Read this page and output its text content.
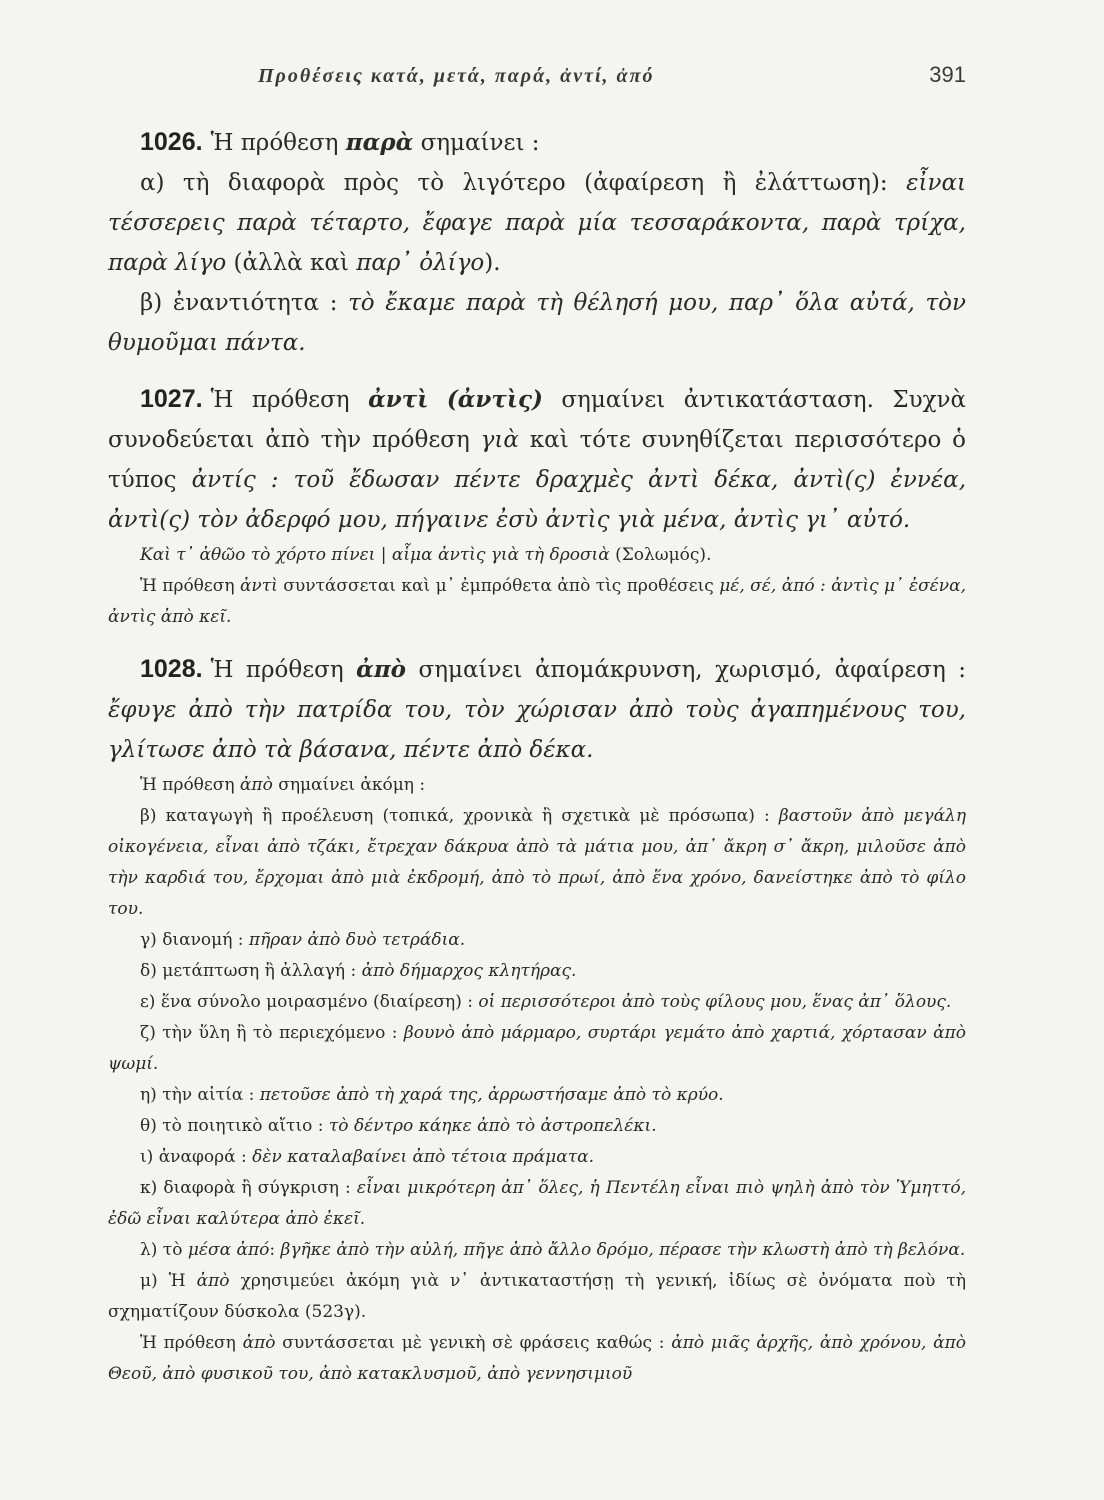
Προθέσεις κατά, μετά, παρά, ἀντί, ἀπό	391

1026. Ἡ πρόθεση παρὰ σημαίνει :

α) τὴ διαφορὰ πρὸς τὸ λιγότερο (ἀφαίρεση ἢ ἐλάττωση): εἶναι τέσσερεις παρὰ τέταρτο, ἔφαγε παρὰ μία τεσσαράκοντα, παρὰ τρίχα, παρὰ λίγο (ἀλλὰ καὶ παρ᾽ ὀλίγο).

β) ἐναντιότητα : τὸ ἔκαμε παρὰ τὴ θέλησή μου, παρ᾽ ὅλα αὐτά, τὸν θυμοῦμαι πάντα.

1027. Ἡ πρόθεση ἀντὶ (ἀντὶς) σημαίνει ἀντικατάσταση. Συχνὰ συνοδεύεται ἀπὸ τὴν πρόθεση γιὰ καὶ τότε συνηθίζεται περισσότερο ὁ τύπος ἀντίς : τοῦ ἔδωσαν πέντε δραχμὲς ἀντὶ δέκα, ἀντὶ(ς) ἐννέα, ἀντὶ(ς) τὸν ἀδερφό μου, πήγαινε ἐσὺ ἀντὶς γιὰ μένα, ἀντὶς γι᾽ αὐτό.

Καὶ τ᾽ ἀθῶο τὸ χόρτο πίνει | αἷμα ἀντὶς γιὰ τὴ δροσιὰ (Σολωμός).

Ἡ πρόθεση ἀντὶ συντάσσεται καὶ μ᾽ ἐμπρόθετα ἀπὸ τὶς προθέσεις μέ, σέ, ἀπό : ἀντὶς μ᾽ ἐσένα, ἀντὶς ἀπὸ κεῖ.

1028. Ἡ πρόθεση ἀπὸ σημαίνει ἀπομάκρυνση, χωρισμό, ἀφαίρεση : ἔφυγε ἀπὸ τὴν πατρίδα του, τὸν χώρισαν ἀπὸ τοὺς ἀγαπημένους του, γλίτωσε ἀπὸ τὰ βάσανα, πέντε ἀπὸ δέκα.

Ἡ πρόθεση ἀπὸ σημαίνει ἀκόμη :

β) καταγωγὴ ἢ προέλευση (τοπικά, χρονικὰ ἢ σχετικὰ μὲ πρόσωπα) : βαστοῦν ἀπὸ μεγάλη οἰκογένεια, εἶναι ἀπὸ τζάκι, ἔτρεχαν δάκρυα ἀπὸ τὰ μάτια μου, ἀπ᾽ ἄκρη σ᾽ ἄκρη, μιλοῦσε ἀπὸ τὴν καρδιά του, ἔρχομαι ἀπὸ μιὰ ἐκδρομή, ἀπὸ τὸ πρωί, ἀπὸ ἕνα χρόνο, δανείστηκε ἀπὸ τὸ φίλο του.

γ) διανομή : πῆραν ἀπὸ δυὸ τετράδια.

δ) μετάπτωση ἢ ἀλλαγή : ἀπὸ δήμαρχος κλητήρας.

ε) ἕνα σύνολο μοιρασμένο (διαίρεση) : οἱ περισσότεροι ἀπὸ τοὺς φίλους μου, ἕνας ἀπ᾽ ὅλους.

ζ) τὴν ὕλη ἢ τὸ περιεχόμενο : βουνὸ ἀπὸ μάρμαρο, συρτάρι γεμάτο ἀπὸ χαρτιά, χόρτασαν ἀπὸ ψωμί.

η) τὴν αἰτία : πετοῦσε ἀπὸ τὴ χαρά της, ἀρρωστήσαμε ἀπὸ τὸ κρύο.

θ) τὸ ποιητικὸ αἴτιο : τὸ δέντρο κάηκε ἀπὸ τὸ ἀστροπελέκι.

ι) ἀναφορά : δὲν καταλαβαίνει ἀπὸ τέτοια πράματα.

κ) διαφορὰ ἢ σύγκριση : εἶναι μικρότερη ἀπ᾽ ὅλες, ἡ Πεντέλη εἶναι πιὸ ψηλὴ ἀπὸ τὸν Ὑμηττό, ἐδῶ εἶναι καλύτερα ἀπὸ ἐκεῖ.

λ) τὸ μέσα ἀπό: βγῆκε ἀπὸ τὴν αὐλή, πῆγε ἀπὸ ἄλλο δρόμο, πέρασε τὴν κλωστὴ ἀπὸ τὴ βελόνα.

μ) Ἡ ἀπὸ χρησιμεύει ἀκόμη γιὰ ν᾽ ἀντικαταστήσῃ τὴ γενική, ἰδίως σὲ ὀνόματα ποὺ τὴ σχηματίζουν δύσκολα (523γ).

Ἡ πρόθεση ἀπὸ συντάσσεται μὲ γενικὴ σὲ φράσεις καθώς : ἀπὸ μιᾶς ἀρχῆς, ἀπὸ χρόνου, ἀπὸ Θεοῦ, ἀπὸ φυσικοῦ του, ἀπὸ κατακλυσμοῦ, ἀπὸ γεννησιμιοῦ
